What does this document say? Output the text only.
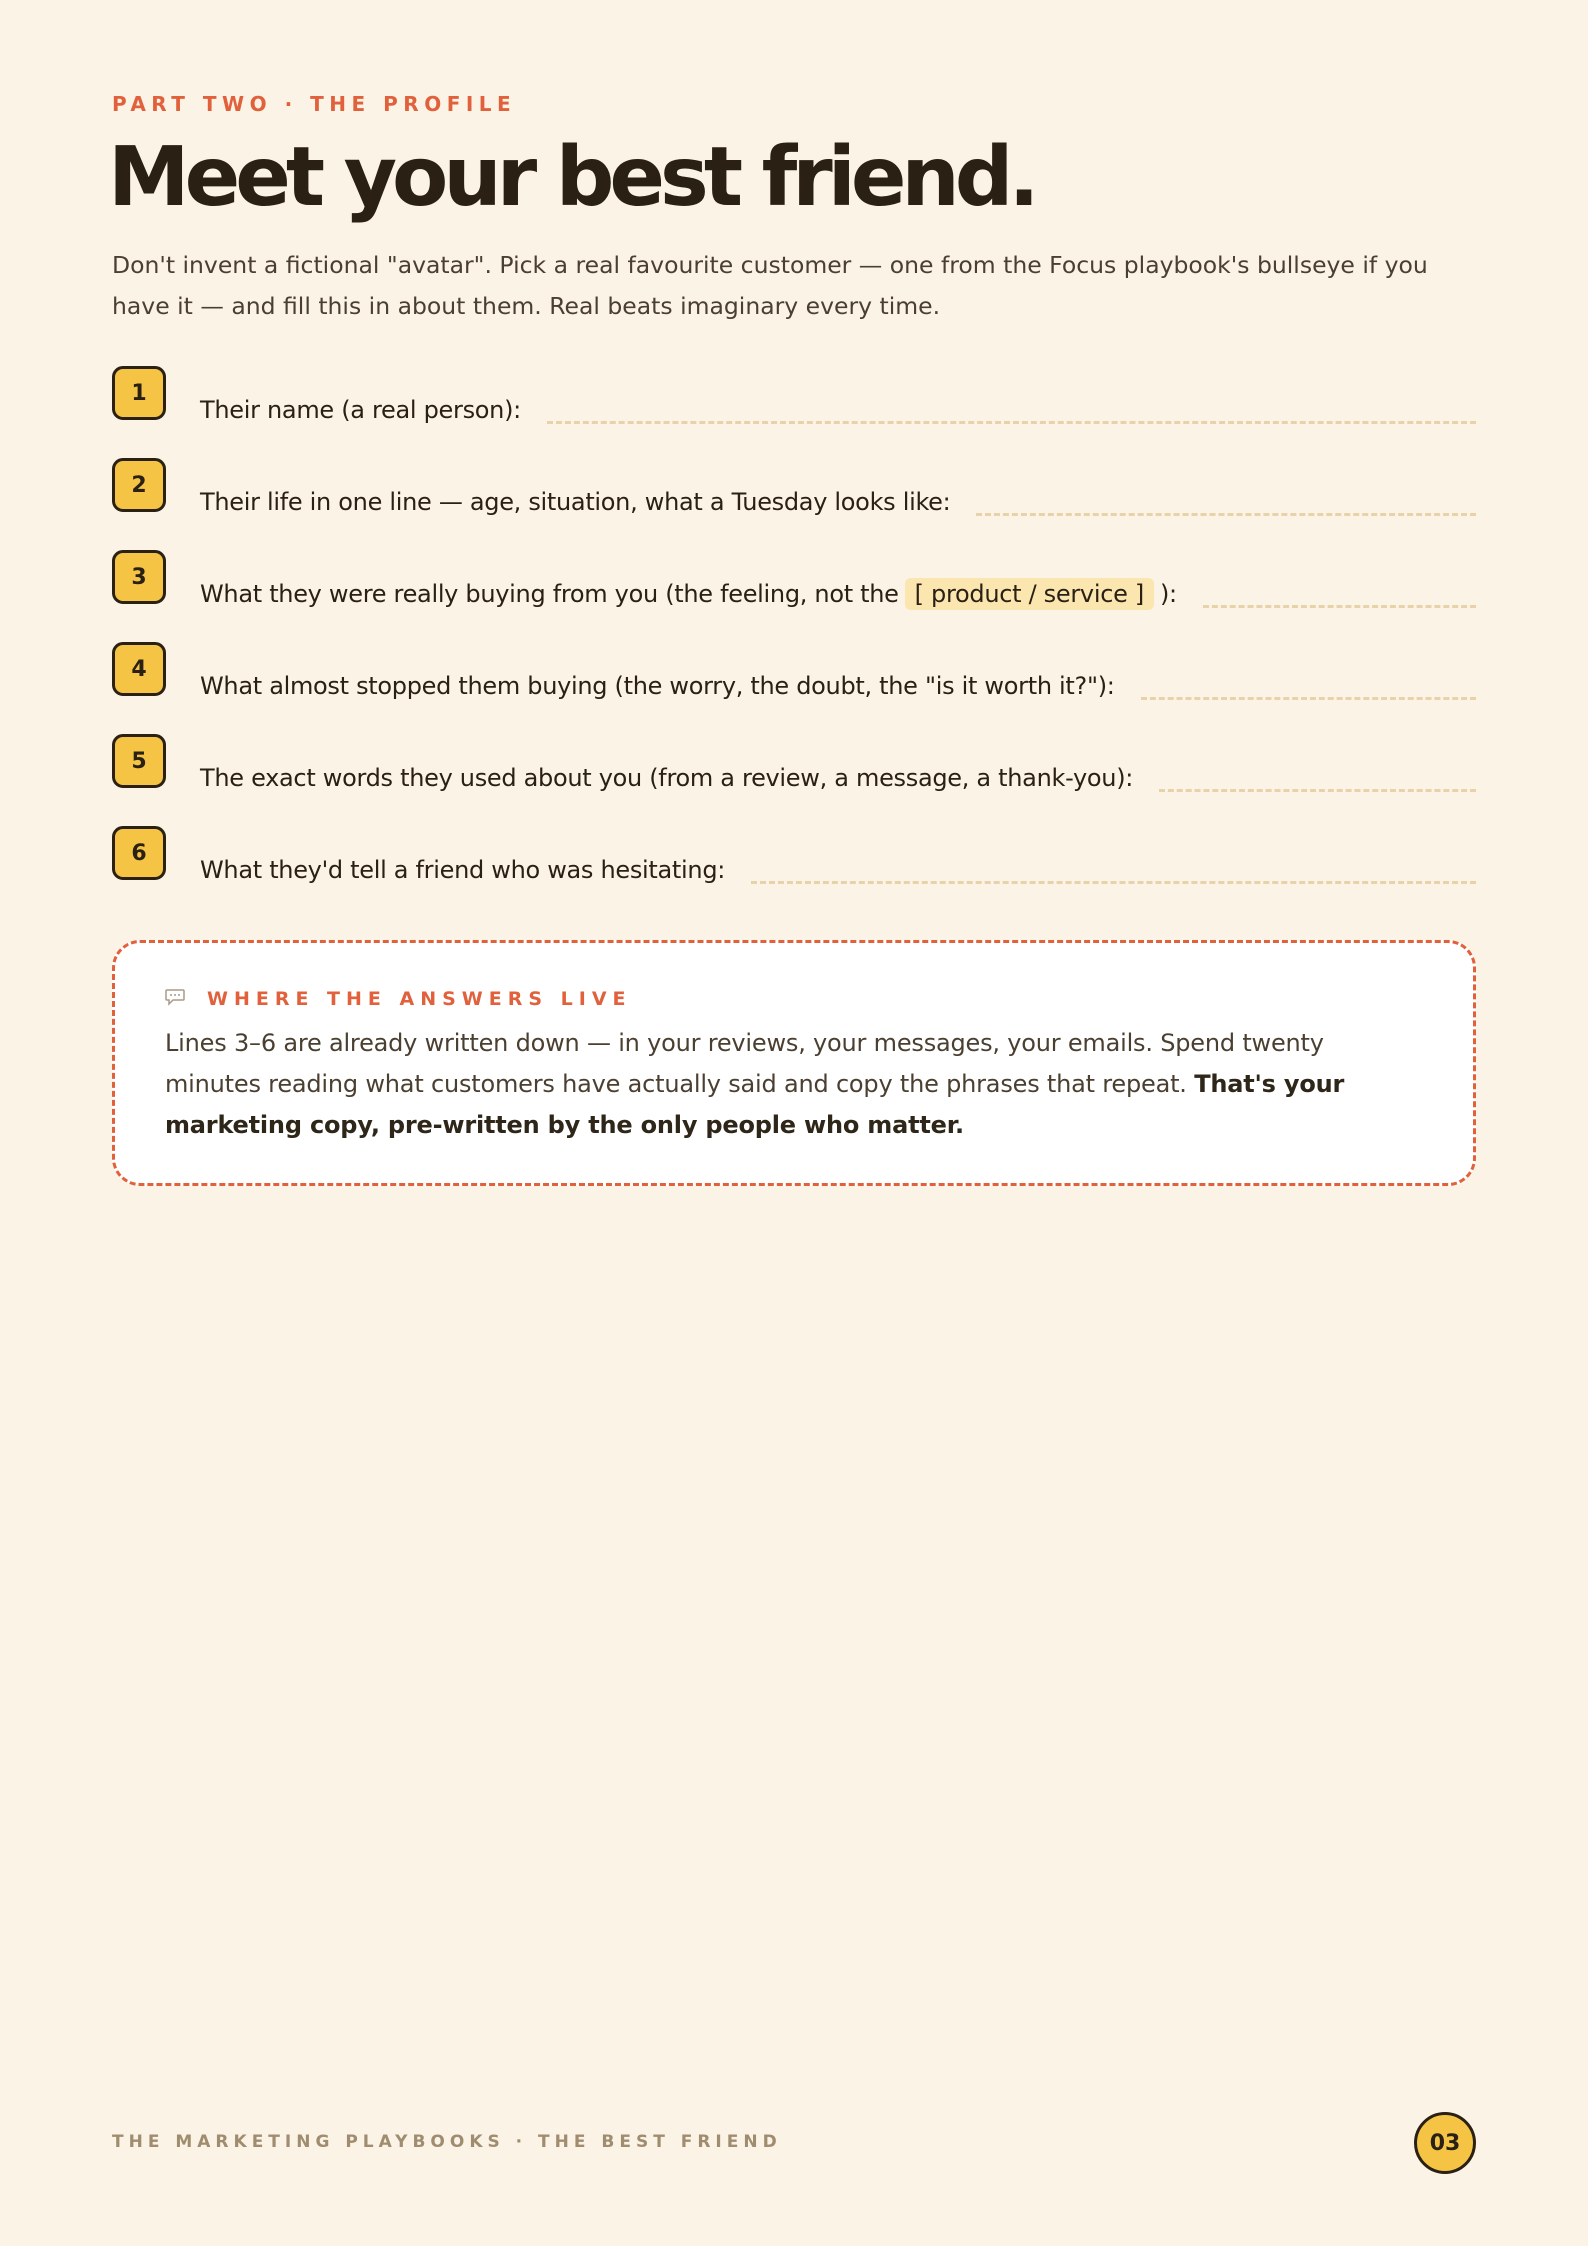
PART TWO · THE PROFILE
Meet your best friend.
Don't invent a fictional "avatar". Pick a real favourite customer — one from the Focus playbook's bullseye if you have it — and fill this in about them. Real beats imaginary every time.
1
Their name (a real person):
2
Their life in one line — age, situation, what a Tuesday looks like:
3
What they were really buying from you (the feeling, not the [ product / service ] ):
4
What almost stopped them buying (the worry, the doubt, the "is it worth it?"):
5
The exact words they used about you (from a review, a message, a thank-you):
6
What they'd tell a friend who was hesitating:
WHERE THE ANSWERS LIVE
Lines 3–6 are already written down — in your reviews, your messages, your emails. Spend twenty minutes reading what customers have actually said and copy the phrases that repeat. That's your marketing copy, pre-written by the only people who matter.
THE MARKETING PLAYBOOKS · THE BEST FRIEND	03
